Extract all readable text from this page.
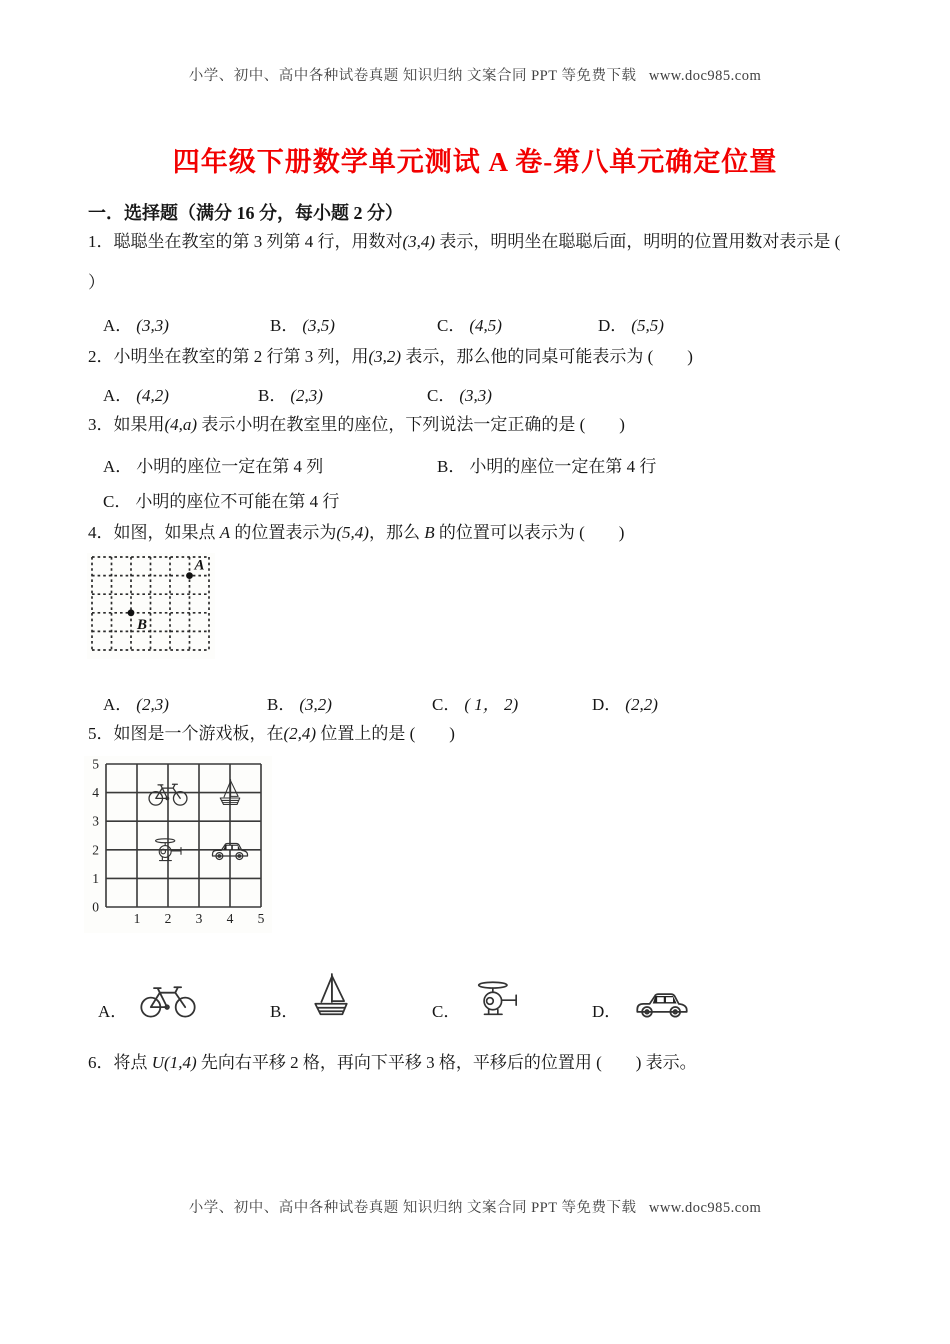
小学、初中、高中各种试卷真题 知识归纳 文案合同 PPT 等免费下载   www.doc985.com
四年级下册数学单元测试 A 卷-第八单元确定位置
一．选择题（满分 16 分，每小题 2 分）
1．聪聪坐在教室的第 3 列第 4 行，用数对(3,4) 表示，明明坐在聪聪后面，明明的位置用数对表示是 (
）
A． (3,3)	B． (3,5)	C． (4,5)	D． (5,5)
2．小明坐在教室的第 2 行第 3 列，用(3,2) 表示，那么他的同桌可能表示为 (　　)
A． (4,2)	B． (2,3)	C． (3,3)
3．如果用(4,a) 表示小明在教室里的座位，下列说法一定正确的是 (　　)
A． 小明的座位一定在第 4 列	B． 小明的座位一定在第 4 行
C． 小明的座位不可能在第 4 行
4．如图，如果点 A 的位置表示为(5,4)，那么 B 的位置可以表示为 (　　)
A
B
A． (2,3)	B． (3,2)	C． ( 1， 2)	D． (2,2)
5．如图是一个游戏板，在(2,4) 位置上的是 (　　)
5
4
1
3
2
2
3
1
4
0
5
A．	B．	C．	D．
6．将点 U(1,4) 先向右平移 2 格，再向下平移 3 格，平移后的位置用 (　　) 表示。
小学、初中、高中各种试卷真题 知识归纳 文案合同 PPT 等免费下载   www.doc985.com
